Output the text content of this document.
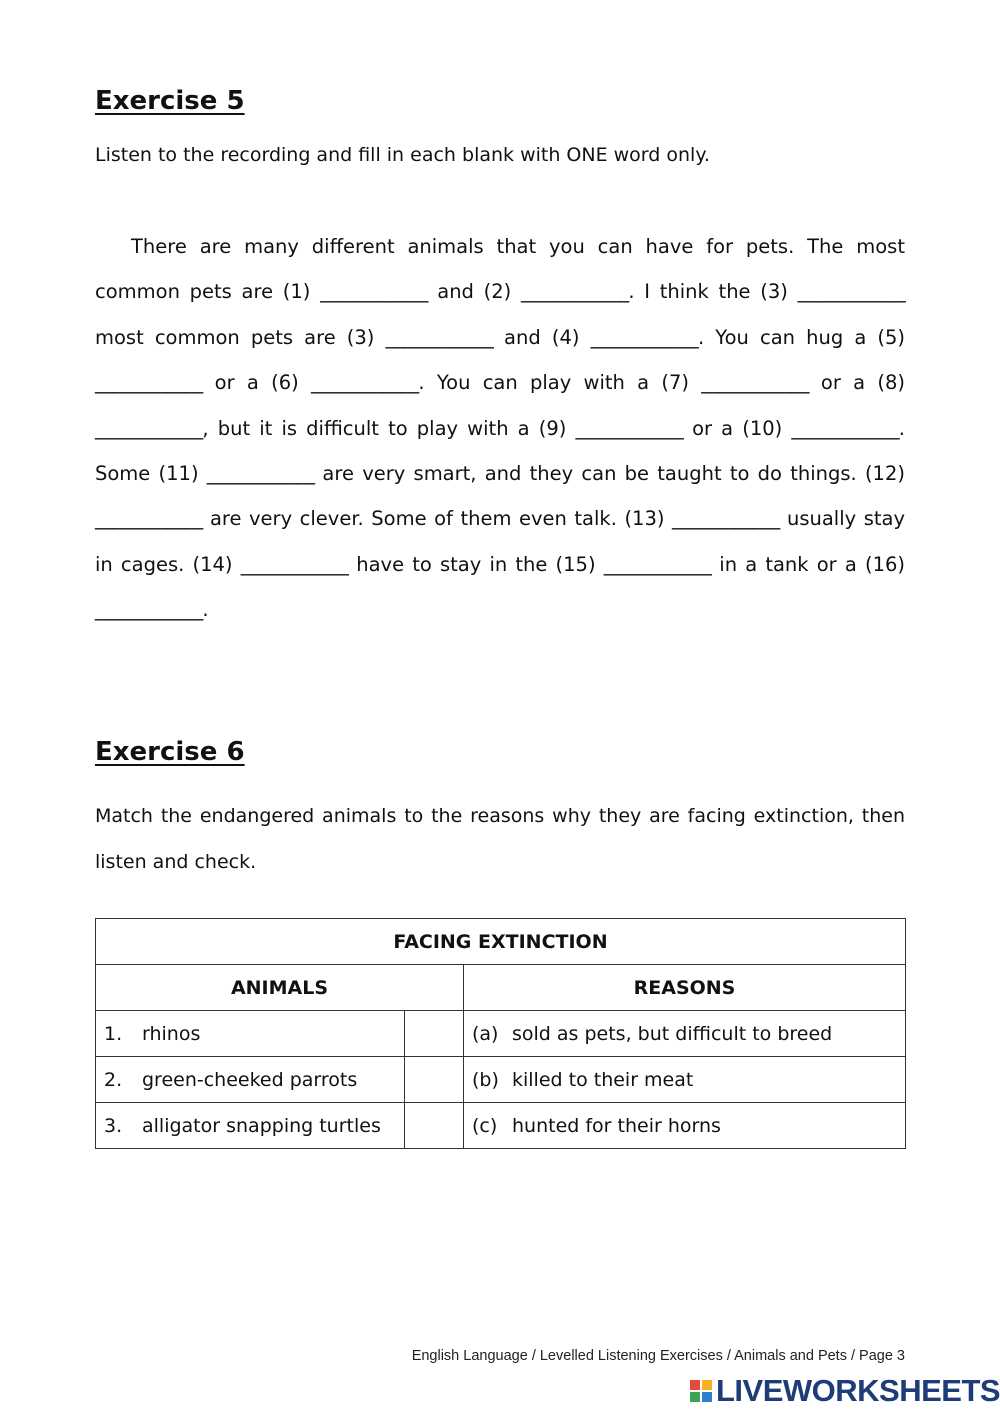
Exercise 5

Listen to the recording and fill in each blank with ONE word only.

There are many different animals that you can have for pets. The most common pets are (1) ____________ and (2) ____________. I think the (3) ____________ most common pets are (3) ____________ and (4) ____________. You can hug a (5) ____________ or a (6) ____________. You can play with a (7) ____________ or a (8) ____________, but it is difficult to play with a (9) ____________ or a (10) ____________. Some (11) ____________ are very smart, and they can be taught to do things. (12) ____________ are very clever. Some of them even talk. (13) ____________ usually stay in cages. (14) ____________ have to stay in the (15) ____________ in a tank or a (16) ____________.

Exercise 6

Match the endangered animals to the reasons why they are facing extinction, then listen and check.

FACING EXTINCTION		
ANIMALS		REASONS
1. rhinos		(a) sold as pets, but difficult to breed
2. green-cheeked parrots		(b) killed to their meat
3. alligator snapping turtles		(c) hunted for their horns

English Language / Levelled Listening Exercises / Animals and Pets / Page 3

LIVEWORKSHEETS
